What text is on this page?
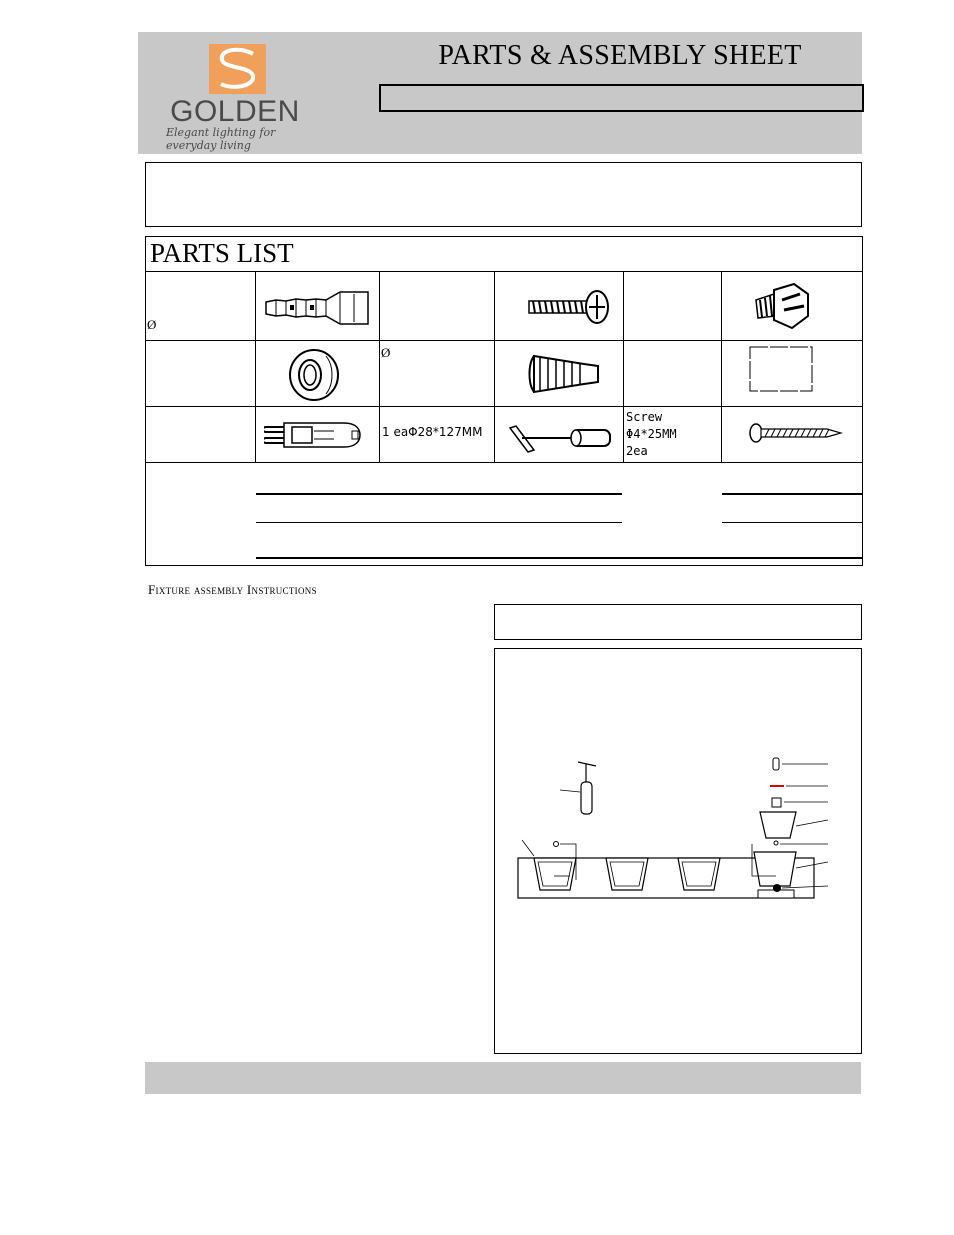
GOLDEN
Elegant lighting for everyday living
PARTS & ASSEMBLY SHEET
PARTS LIST
Ø
Ø
1 eaΦ28*127MM
Screw
Φ4*25MM
2ea
Fixture assembly Instructions
